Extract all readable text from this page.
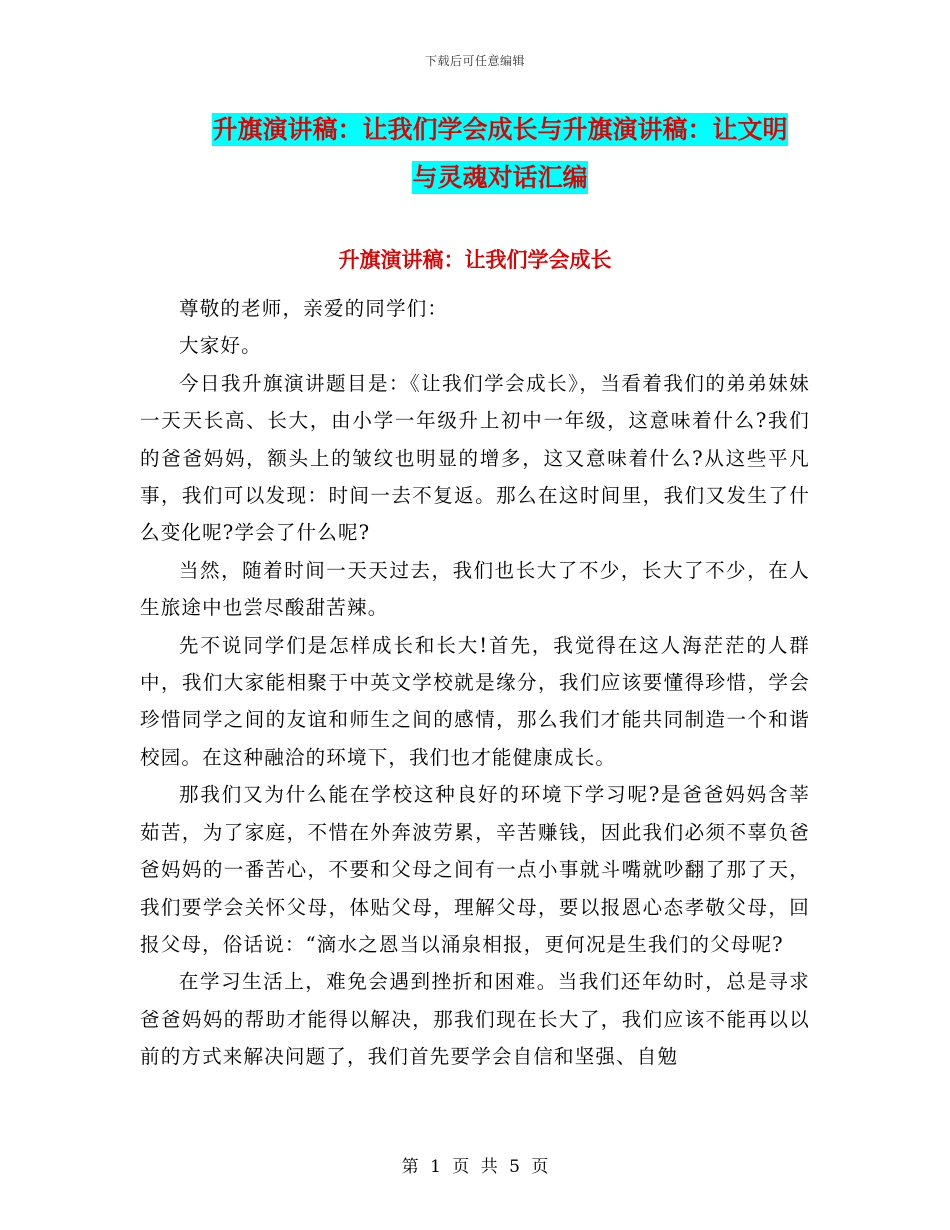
下载后可任意编辑
升旗演讲稿：让我们学会成长与升旗演讲稿：让文明
与灵魂对话汇编
升旗演讲稿：让我们学会成长

尊敬的老师，亲爱的同学们：

大家好。

今日我升旗演讲题目是：《让我们学会成长》，当看着我们的弟弟妹妹一天天长高、长大，由小学一年级升上初中一年级，这意味着什么?我们的爸爸妈妈，额头上的皱纹也明显的增多，这又意味着什么?从这些平凡事，我们可以发现：时间一去不复返。那么在这时间里，我们又发生了什么变化呢?学会了什么呢?

当然，随着时间一天天过去，我们也长大了不少，长大了不少，在人生旅途中也尝尽酸甜苦辣。

先不说同学们是怎样成长和长大!首先，我觉得在这人海茫茫的人群中，我们大家能相聚于中英文学校就是缘分，我们应该要懂得珍惜，学会珍惜同学之间的友谊和师生之间的感情，那么我们才能共同制造一个和谐校园。在这种融洽的环境下，我们也才能健康成长。

那我们又为什么能在学校这种良好的环境下学习呢?是爸爸妈妈含莘茹苦，为了家庭，不惜在外奔波劳累，辛苦赚钱，因此我们必须不辜负爸爸妈妈的一番苦心，不要和父母之间有一点小事就斗嘴就吵翻了那了天，我们要学会关怀父母，体贴父母，理解父母，要以报恩心态孝敬父母，回报父母，俗话说：“滴水之恩当以涌泉相报，更何况是生我们的父母呢?

在学习生活上，难免会遇到挫折和困难。当我们还年幼时，总是寻求爸爸妈妈的帮助才能得以解决，那我们现在长大了，我们应该不能再以以前的方式来解决问题了，我们首先要学会自信和坚强、自勉

第 1 页 共 5 页
